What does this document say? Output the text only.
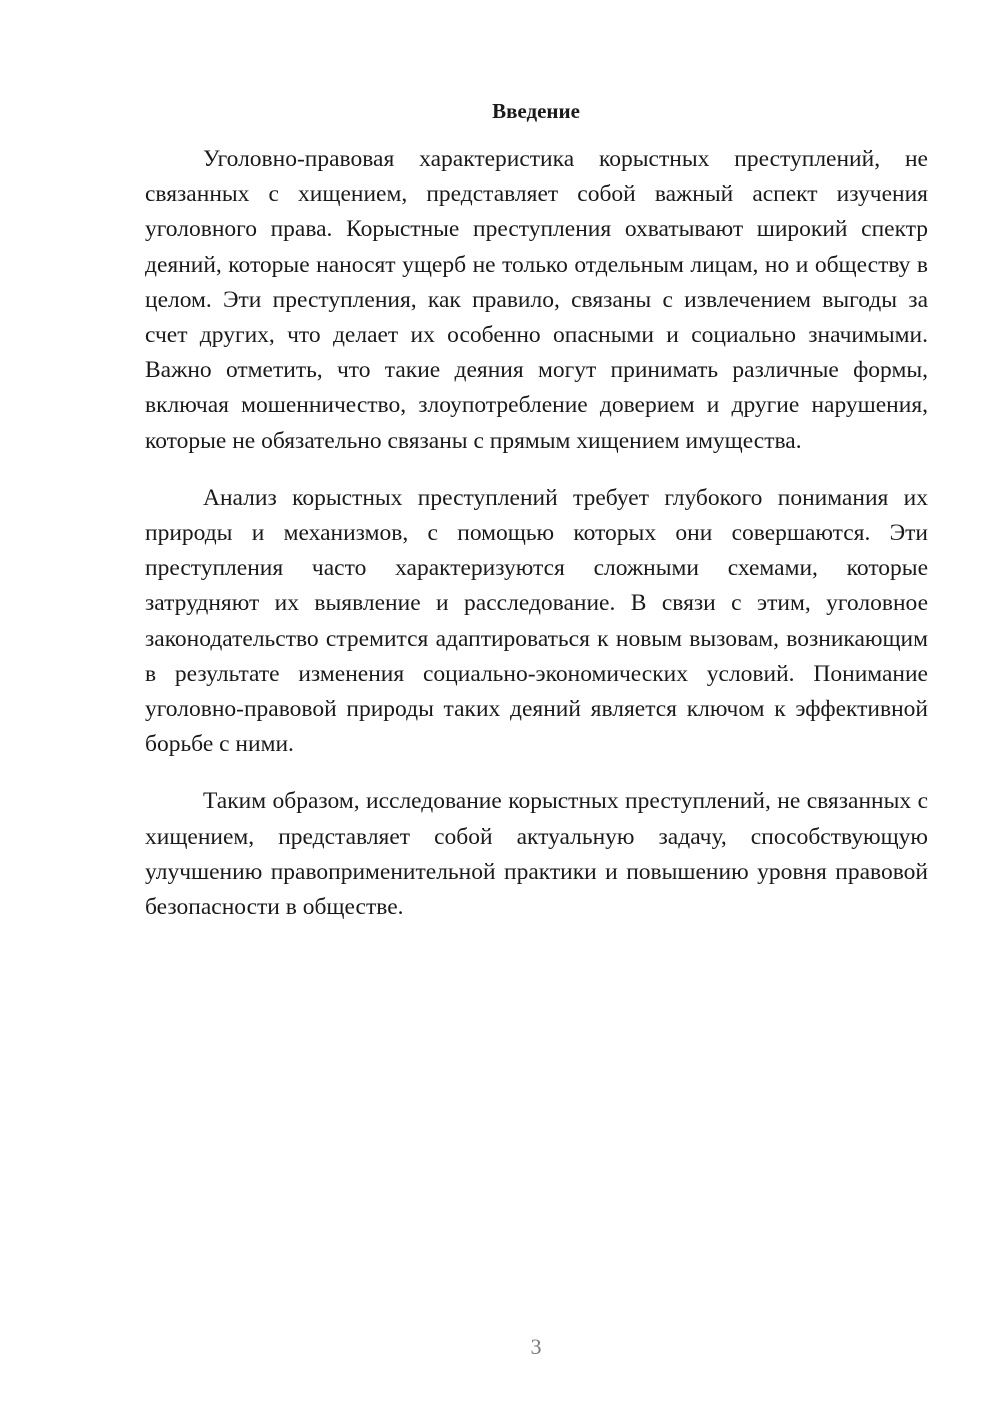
Введение

Уголовно-правовая характеристика корыстных преступлений, не связанных с хищением, представляет собой важный аспект изучения уголовного права. Корыстные преступления охватывают широкий спектр деяний, которые наносят ущерб не только отдельным лицам, но и обществу в целом. Эти преступления, как правило, связаны с извлечением выгоды за счет других, что делает их особенно опасными и социально значимыми. Важно отметить, что такие деяния могут принимать различные формы, включая мошенничество, злоупотребление доверием и другие нарушения, которые не обязательно связаны с прямым хищением имущества.

Анализ корыстных преступлений требует глубокого понимания их природы и механизмов, с помощью которых они совершаются. Эти преступления часто характеризуются сложными схемами, которые затрудняют их выявление и расследование. В связи с этим, уголовное законодательство стремится адаптироваться к новым вызовам, возникающим в результате изменения социально-экономических условий. Понимание уголовно-правовой природы таких деяний является ключом к эффективной борьбе с ними.

Таким образом, исследование корыстных преступлений, не связанных с хищением, представляет собой актуальную задачу, способствующую улучшению правоприменительной практики и повышению уровня правовой безопасности в обществе.

3
